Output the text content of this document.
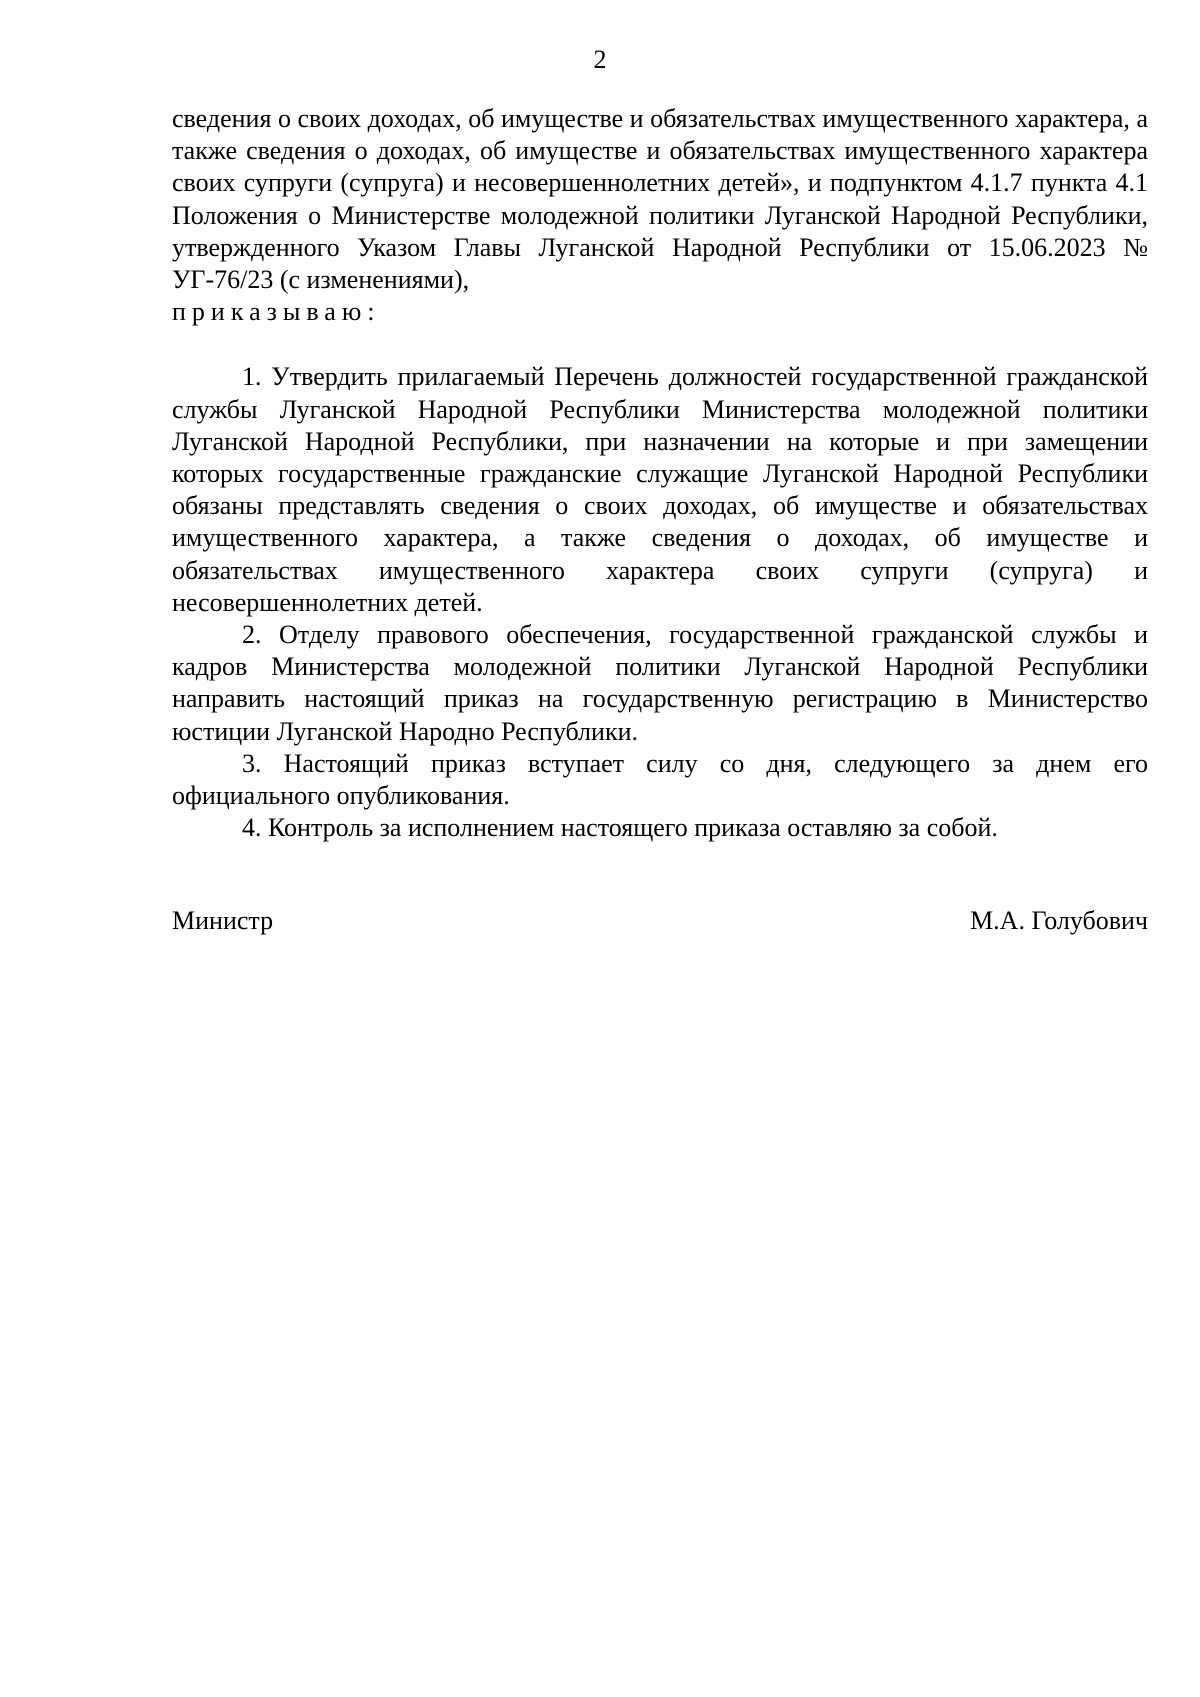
2

сведения о своих доходах, об имуществе и обязательствах имущественного характера, а также сведения о доходах, об имуществе и обязательствах имущественного характера своих супруги (супруга) и несовершеннолетних детей», и подпунктом 4.1.7 пункта 4.1 Положения о Министерстве молодежной политики Луганской Народной Республики, утвержденного Указом Главы Луганской Народной Республики от 15.06.2023 № УГ-76/23 (с изменениями),
приказываю:

1. Утвердить прилагаемый Перечень должностей государственной гражданской службы Луганской Народной Республики Министерства молодежной политики Луганской Народной Республики, при назначении на которые и при замещении которых государственные гражданские служащие Луганской Народной Республики обязаны представлять сведения о своих доходах, об имуществе и обязательствах имущественного характера, а также сведения о доходах, об имуществе и обязательствах имущественного характера своих супруги (супруга) и несовершеннолетних детей.

2. Отделу правового обеспечения, государственной гражданской службы и кадров Министерства молодежной политики Луганской Народной Республики направить настоящий приказ на государственную регистрацию в Министерство юстиции Луганской Народно Республики.

3. Настоящий приказ вступает силу со дня, следующего за днем его официального опубликования.

4. Контроль за исполнением настоящего приказа оставляю за собой.

Министр	М.А. Голубович
